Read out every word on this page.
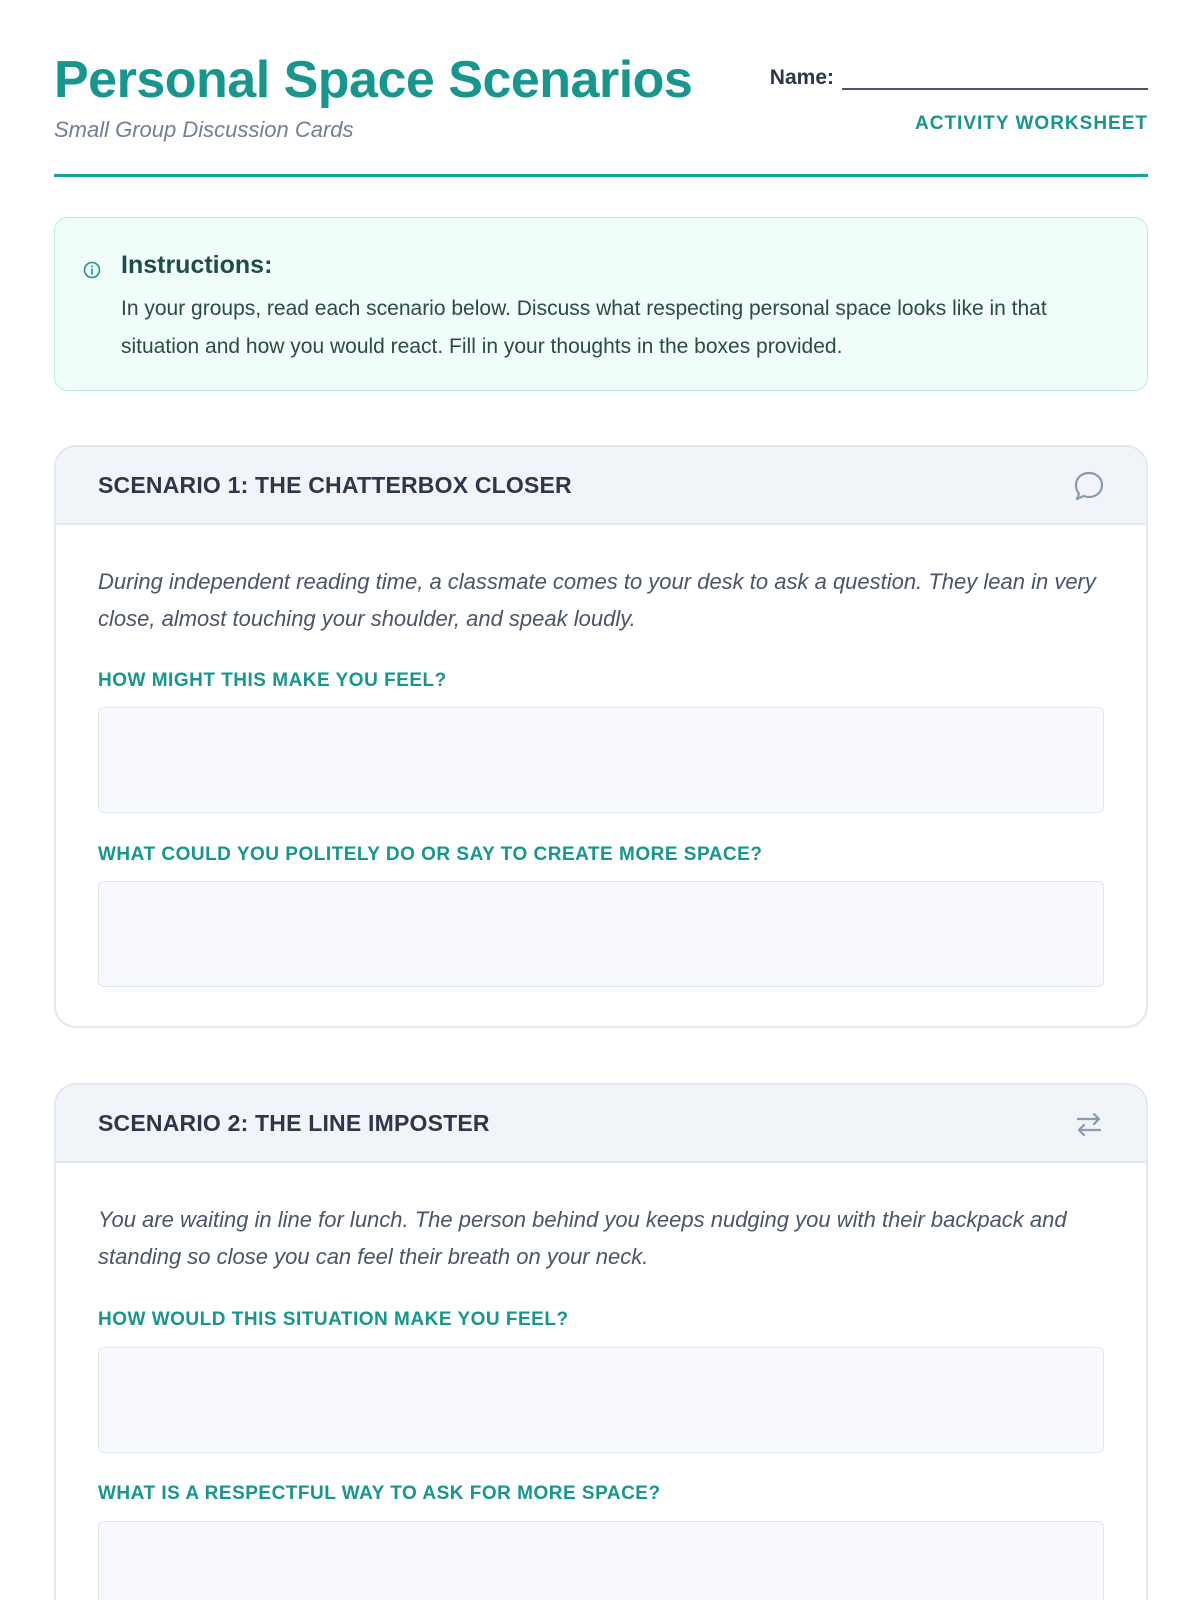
Personal Space Scenarios
Small Group Discussion Cards
Name:
ACTIVITY WORKSHEET
Instructions:
In your groups, read each scenario below. Discuss what respecting personal space looks like in that situation and how you would react. Fill in your thoughts in the boxes provided.
SCENARIO 1: THE CHATTERBOX CLOSER
During independent reading time, a classmate comes to your desk to ask a question. They lean in very close, almost touching your shoulder, and speak loudly.
HOW MIGHT THIS MAKE YOU FEEL?
WHAT COULD YOU POLITELY DO OR SAY TO CREATE MORE SPACE?
SCENARIO 2: THE LINE IMPOSTER
You are waiting in line for lunch. The person behind you keeps nudging you with their backpack and standing so close you can feel their breath on your neck.
HOW WOULD THIS SITUATION MAKE YOU FEEL?
WHAT IS A RESPECTFUL WAY TO ASK FOR MORE SPACE?
